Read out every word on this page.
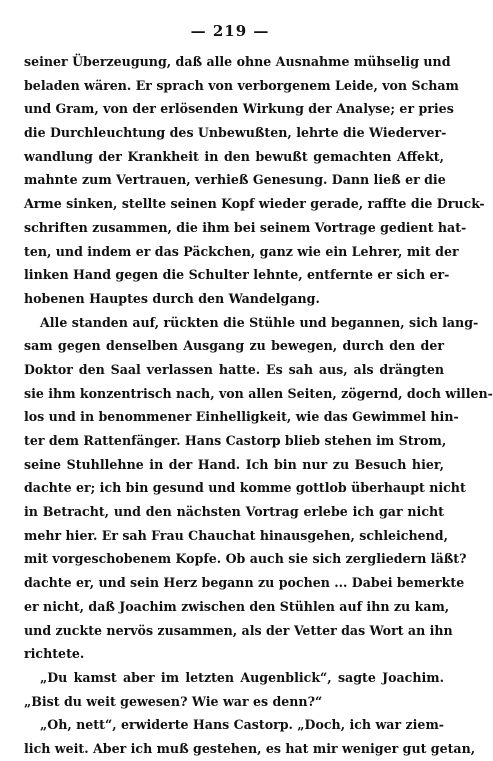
— 219 —
seiner Überzeugung, daß alle ohne Ausnahme mühselig und
beladen wären. Er sprach von verborgenem Leide, von Scham
und Gram, von der erlösenden Wirkung der Analyse; er pries
die Durchleuchtung des Unbewußten, lehrte die Wiederver-
wandlung der Krankheit in den bewußt gemachten Affekt,
mahnte zum Vertrauen, verhieß Genesung. Dann ließ er die
Arme sinken, stellte seinen Kopf wieder gerade, raffte die Druck-
schriften zusammen, die ihm bei seinem Vortrage gedient hat-
ten, und indem er das Päckchen, ganz wie ein Lehrer, mit der
linken Hand gegen die Schulter lehnte, entfernte er sich er-
hobenen Hauptes durch den Wandelgang.
Alle standen auf, rückten die Stühle und begannen, sich lang-
sam gegen denselben Ausgang zu bewegen, durch den der
Doktor den Saal verlassen hatte. Es sah aus, als drängten
sie ihm konzentrisch nach, von allen Seiten, zögernd, doch willen-
los und in benommener Einhelligkeit, wie das Gewimmel hin-
ter dem Rattenfänger. Hans Castorp blieb stehen im Strom,
seine Stuhllehne in der Hand. Ich bin nur zu Besuch hier,
dachte er; ich bin gesund und komme gottlob überhaupt nicht
in Betracht, und den nächsten Vortrag erlebe ich gar nicht
mehr hier. Er sah Frau Chauchat hinausgehen, schleichend,
mit vorgeschobenem Kopfe. Ob auch sie sich zergliedern läßt?
dachte er, und sein Herz begann zu pochen ... Dabei bemerkte
er nicht, daß Joachim zwischen den Stühlen auf ihn zu kam,
und zuckte nervös zusammen, als der Vetter das Wort an ihn
richtete.
„Du kamst aber im letzten Augenblick“, sagte Joachim.
„Bist du weit gewesen? Wie war es denn?“
„Oh, nett“, erwiderte Hans Castorp. „Doch, ich war ziem-
lich weit. Aber ich muß gestehen, es hat mir weniger gut getan,
